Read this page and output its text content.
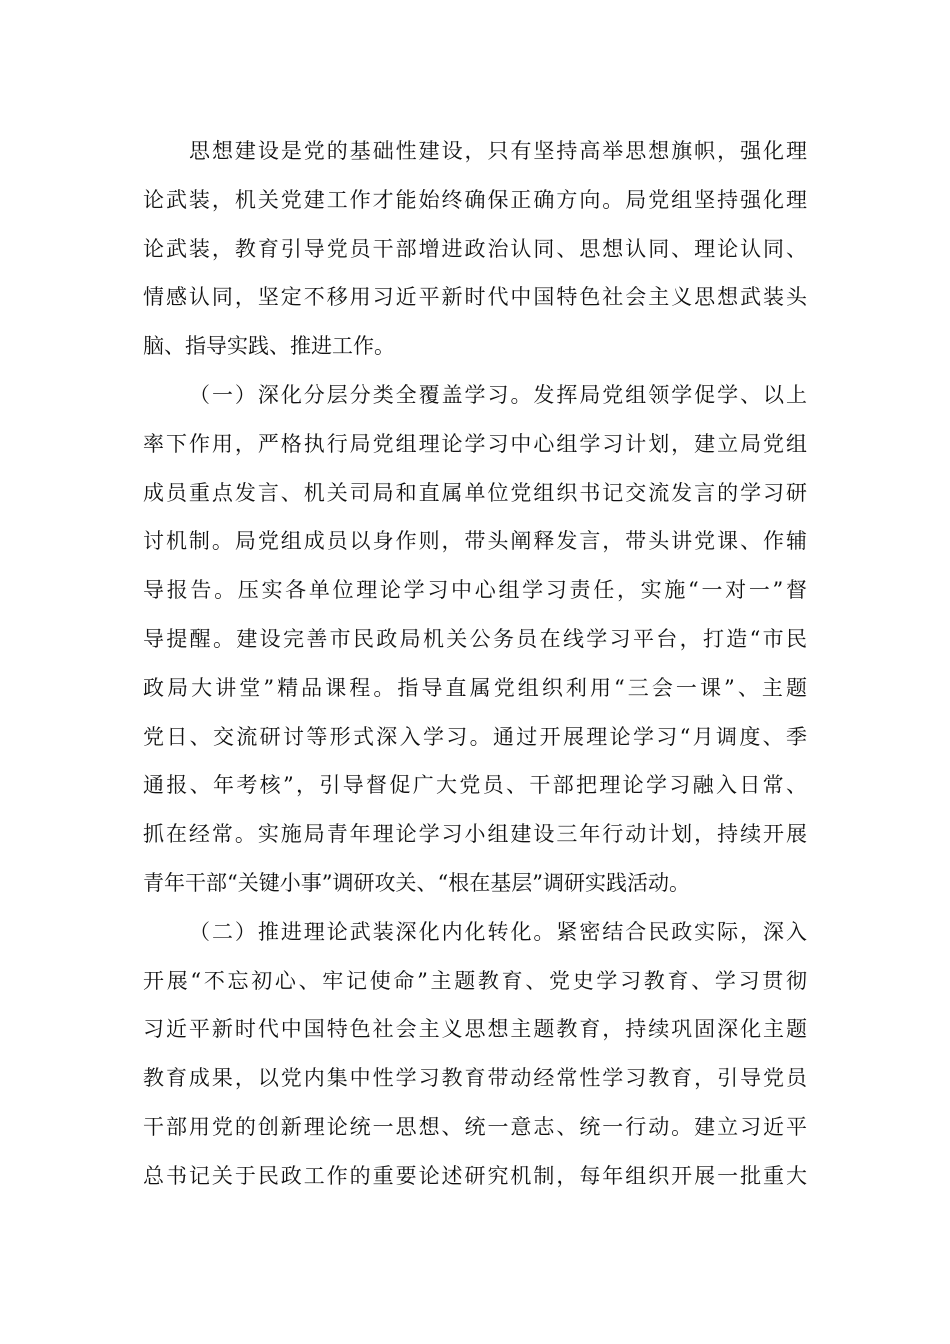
思想建设是党的基础性建设，只有坚持高举思想旗帜，强化理
论武装，机关党建工作才能始终确保正确方向。局党组坚持强化理
论武装，教育引导党员干部增进政治认同、思想认同、理论认同、
情感认同，坚定不移用习近平新时代中国特色社会主义思想武装头
脑、指导实践、推进工作。
（一）深化分层分类全覆盖学习。发挥局党组领学促学、以上
率下作用，严格执行局党组理论学习中心组学习计划，建立局党组
成员重点发言、机关司局和直属单位党组织书记交流发言的学习研
讨机制。局党组成员以身作则，带头阐释发言，带头讲党课、作辅
导报告。压实各单位理论学习中心组学习责任，实施“一对一”督
导提醒。建设完善市民政局机关公务员在线学习平台，打造“市民
政局大讲堂”精品课程。指导直属党组织利用“三会一课”、主题
党日、交流研讨等形式深入学习。通过开展理论学习“月调度、季
通报、年考核”，引导督促广大党员、干部把理论学习融入日常、
抓在经常。实施局青年理论学习小组建设三年行动计划，持续开展
青年干部“关键小事”调研攻关、“根在基层”调研实践活动。
（二）推进理论武装深化内化转化。紧密结合民政实际，深入
开展“不忘初心、牢记使命”主题教育、党史学习教育、学习贯彻
习近平新时代中国特色社会主义思想主题教育，持续巩固深化主题
教育成果，以党内集中性学习教育带动经常性学习教育，引导党员
干部用党的创新理论统一思想、统一意志、统一行动。建立习近平
总书记关于民政工作的重要论述研究机制，每年组织开展一批重大
